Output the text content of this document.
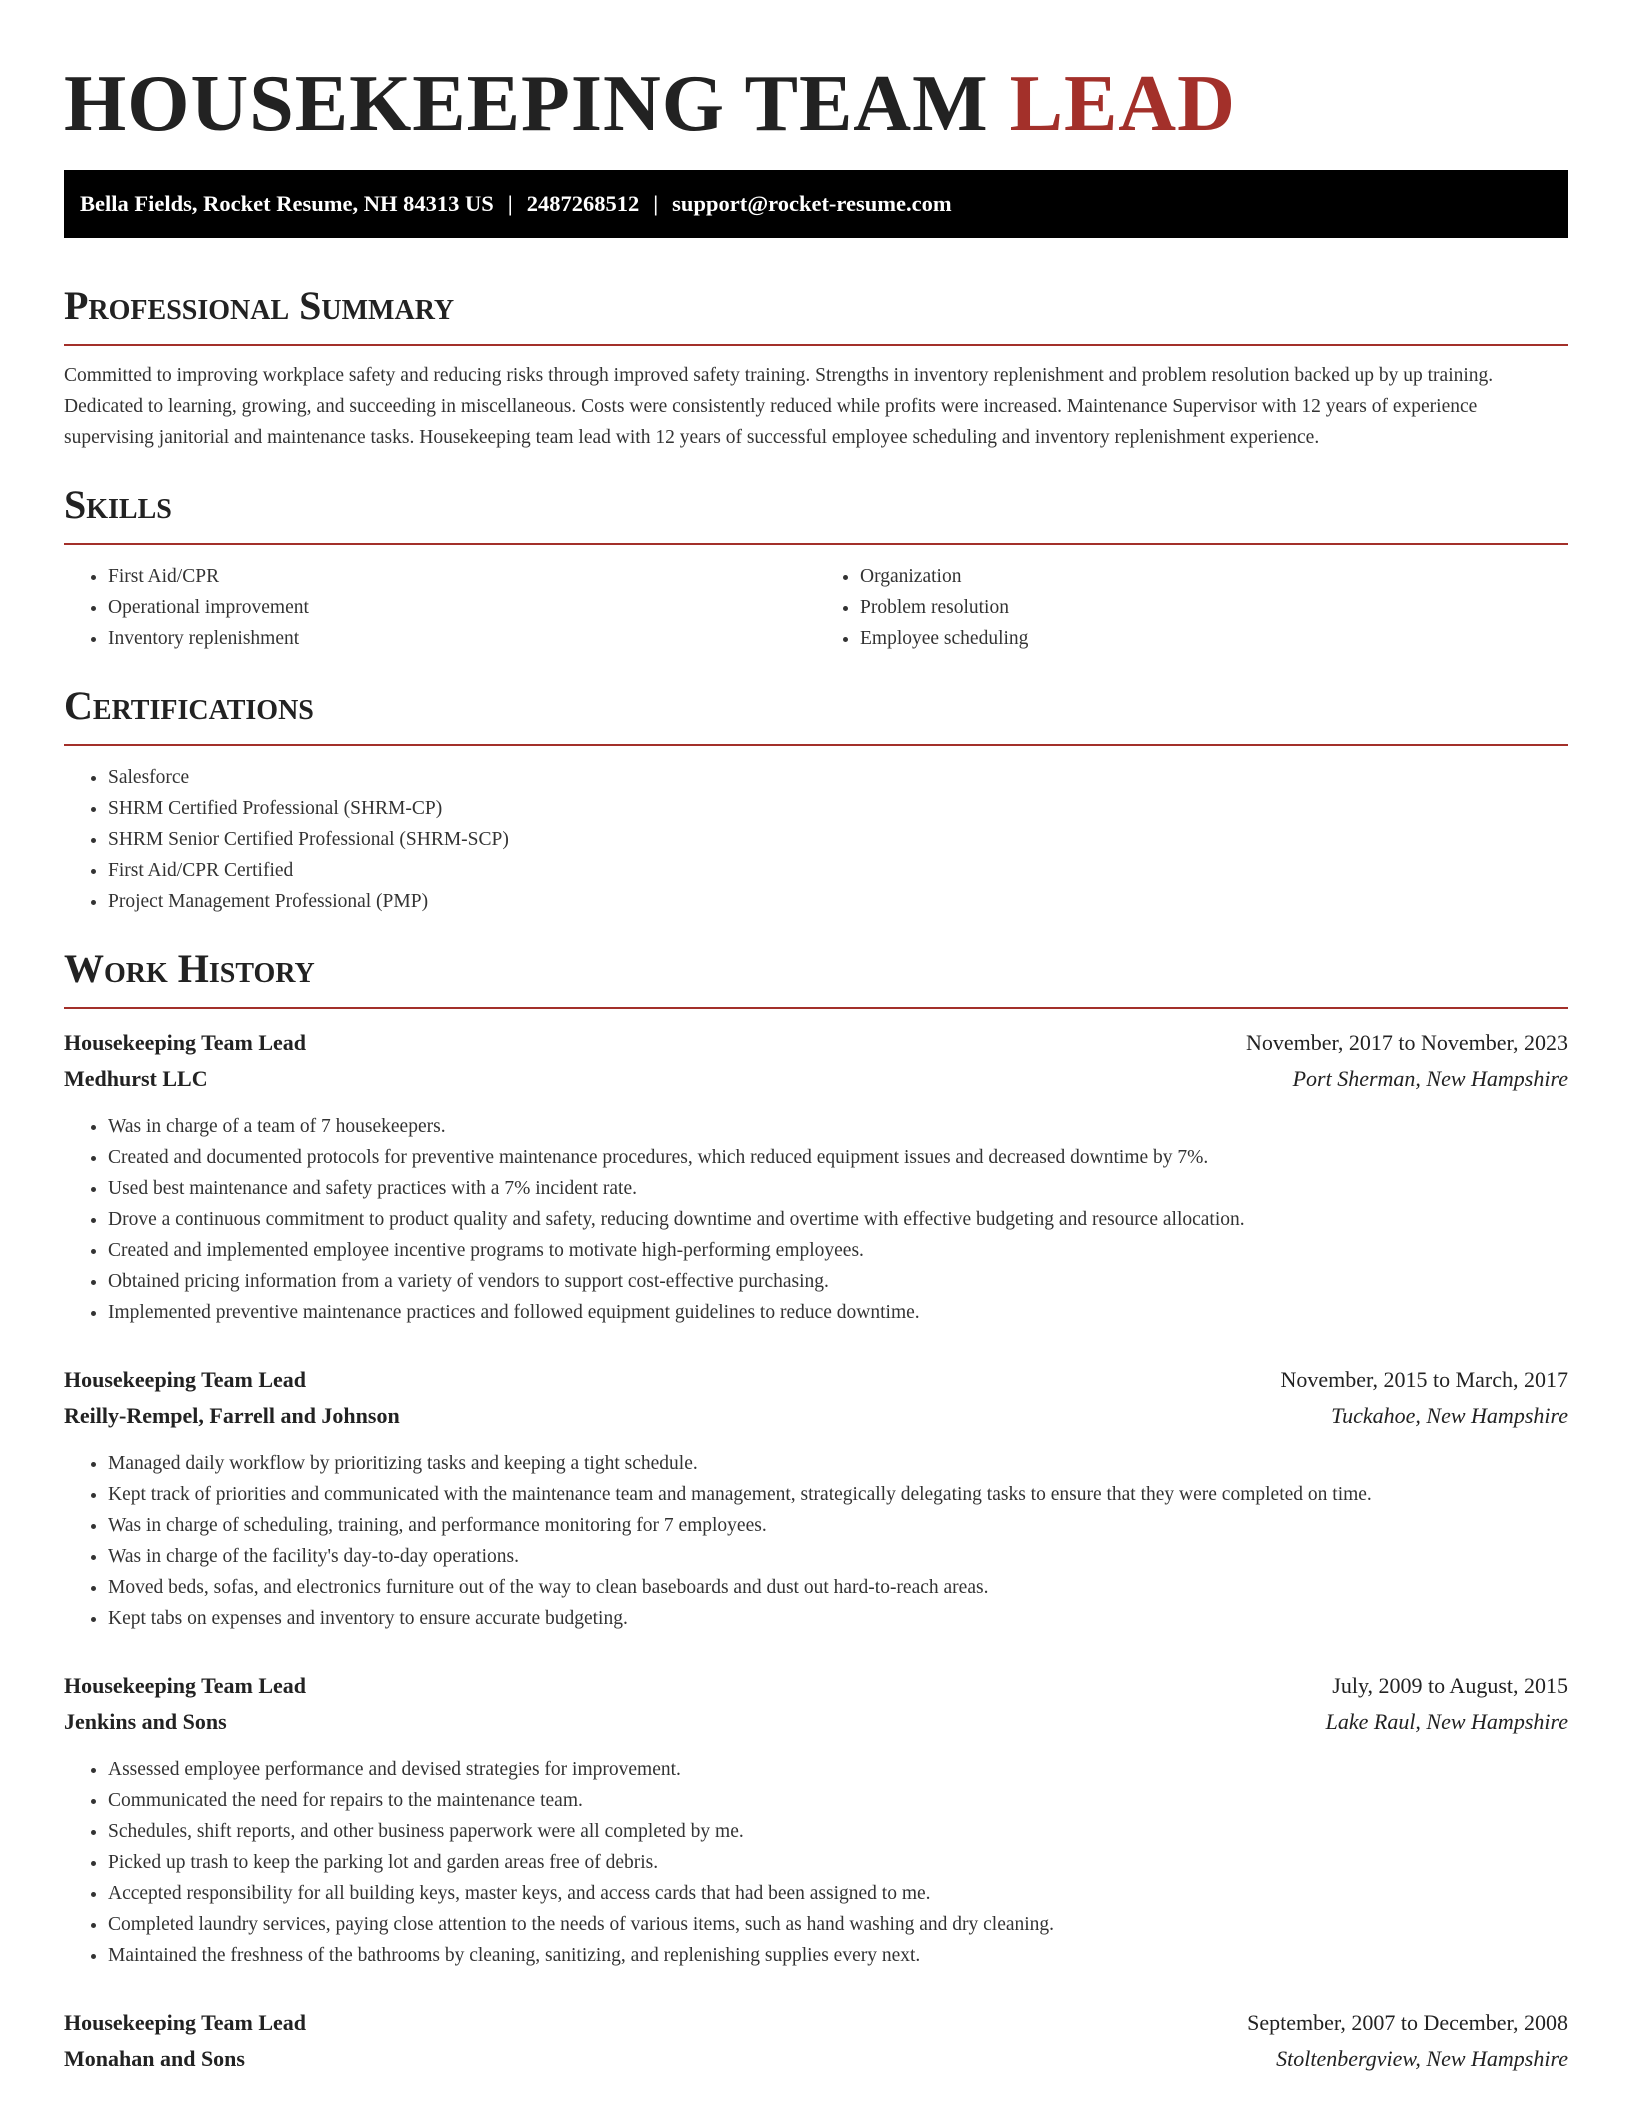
HOUSEKEEPING TEAM LEAD
Bella Fields, Rocket Resume, NH 84313 US | 2487268512 | support@rocket-resume.com
Professional Summary

Committed to improving workplace safety and reducing risks through improved safety training. Strengths in inventory replenishment and problem resolution backed up by up training. Dedicated to learning, growing, and succeeding in miscellaneous. Costs were consistently reduced while profits were increased. Maintenance Supervisor with 12 years of experience supervising janitorial and maintenance tasks. Housekeeping team lead with 12 years of successful employee scheduling and inventory replenishment experience.

Skills
• First Aid/CPR
• Operational improvement
• Inventory replenishment
• Organization
• Problem resolution
• Employee scheduling
Certifications
• Salesforce
• SHRM Certified Professional (SHRM-CP)
• SHRM Senior Certified Professional (SHRM-SCP)
• First Aid/CPR Certified
• Project Management Professional (PMP)
Work History
Housekeeping Team Lead	November, 2017 to November, 2023
Medhurst LLC	Port Sherman, New Hampshire
• Was in charge of a team of 7 housekeepers.
• Created and documented protocols for preventive maintenance procedures, which reduced equipment issues and decreased downtime by 7%.
• Used best maintenance and safety practices with a 7% incident rate.
• Drove a continuous commitment to product quality and safety, reducing downtime and overtime with effective budgeting and resource allocation.
• Created and implemented employee incentive programs to motivate high-performing employees.
• Obtained pricing information from a variety of vendors to support cost-effective purchasing.
• Implemented preventive maintenance practices and followed equipment guidelines to reduce downtime.
Housekeeping Team Lead	November, 2015 to March, 2017
Reilly-Rempel, Farrell and Johnson	Tuckahoe, New Hampshire
• Managed daily workflow by prioritizing tasks and keeping a tight schedule.
• Kept track of priorities and communicated with the maintenance team and management, strategically delegating tasks to ensure that they were completed on time.
• Was in charge of scheduling, training, and performance monitoring for 7 employees.
• Was in charge of the facility's day-to-day operations.
• Moved beds, sofas, and electronics furniture out of the way to clean baseboards and dust out hard-to-reach areas.
• Kept tabs on expenses and inventory to ensure accurate budgeting.
Housekeeping Team Lead	July, 2009 to August, 2015
Jenkins and Sons	Lake Raul, New Hampshire
• Assessed employee performance and devised strategies for improvement.
• Communicated the need for repairs to the maintenance team.
• Schedules, shift reports, and other business paperwork were all completed by me.
• Picked up trash to keep the parking lot and garden areas free of debris.
• Accepted responsibility for all building keys, master keys, and access cards that had been assigned to me.
• Completed laundry services, paying close attention to the needs of various items, such as hand washing and dry cleaning.
• Maintained the freshness of the bathrooms by cleaning, sanitizing, and replenishing supplies every next.
Housekeeping Team Lead	September, 2007 to December, 2008
Monahan and Sons	Stoltenbergview, New Hampshire
